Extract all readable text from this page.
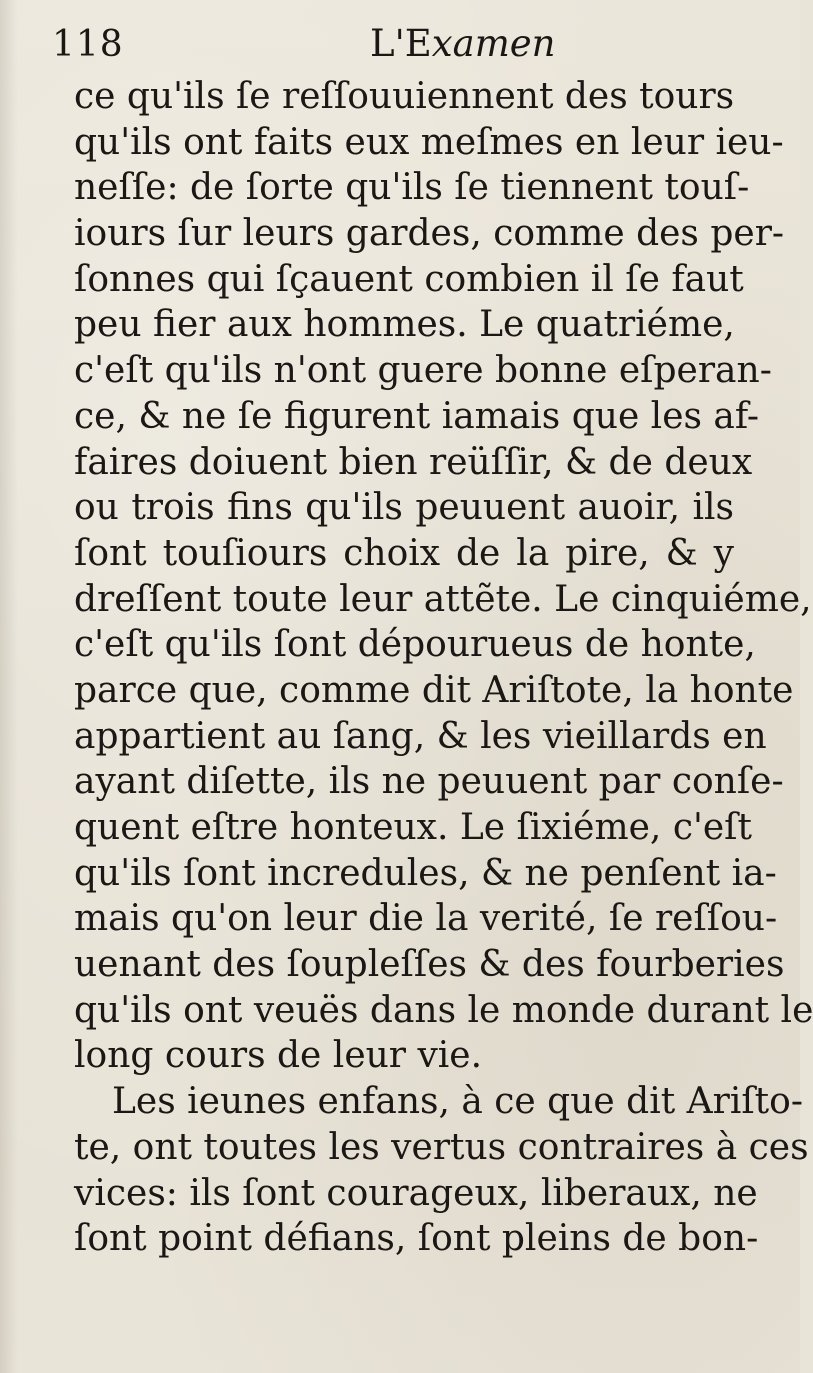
118	L'Examen
ce qu'ils ſe reſſouuiennent des tours
qu'ils ont faits eux meſmes en leur ieu-
neſſe: de ſorte qu'ils ſe tiennent touſ-
iours ſur leurs gardes, comme des per-
ſonnes qui ſçauent combien il ſe faut
peu fier aux hommes. Le quatriéme,
c'eſt qu'ils n'ont guere bonne eſperan-
ce, & ne ſe figurent iamais que les af-
faires doiuent bien reüſſir, & de deux
ou trois fins qu'ils peuuent auoir, ils
ſont touſiours choix de la pire, & y
dreſſent toute leur attẽte. Le cinquiéme,
c'eſt qu'ils ſont dépourueus de honte,
parce que, comme dit Ariſtote, la honte
appartient au ſang, & les vieillards en
ayant diſette, ils ne peuuent par conſe-
quent eſtre honteux. Le ſixiéme, c'eſt
qu'ils ſont incredules, & ne penſent ia-
mais qu'on leur die la verité, ſe reſſou-
uenant des ſoupleſſes & des fourberies
qu'ils ont veuës dans le monde durant le
long cours de leur vie.
Les ieunes enfans, à ce que dit Ariſto-
te, ont toutes les vertus contraires à ces
vices: ils ſont courageux, liberaux, ne
ſont point défians, ſont pleins de bon-
